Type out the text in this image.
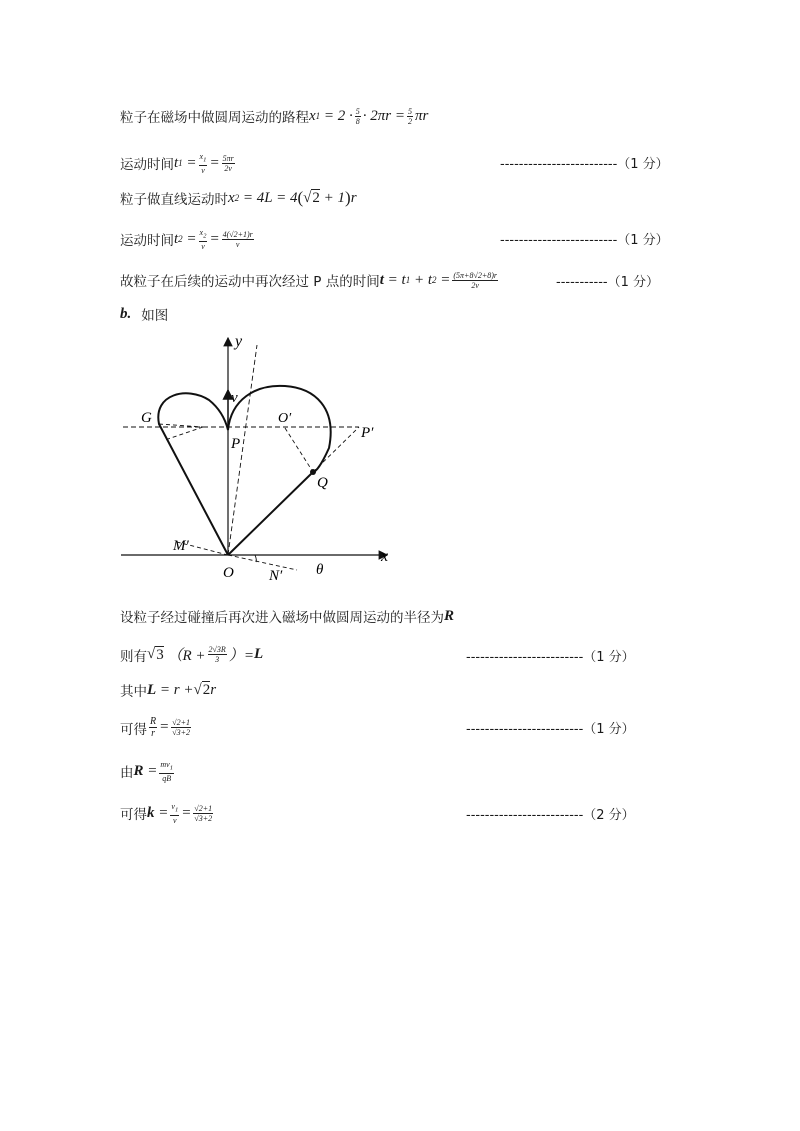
粒子在磁场中做圆周运动的路程 x $1 = 2 \cdot \frac{5}{8} \cdot 2\pi r = \frac{5}{2}$ πr
运动时间 t $1 = \frac{x_1}{v} = \frac{5\pi r}{2v}$	-------------------------（1 分）
粒子做直线运动时 x 2 = 4L = 4 ( √ 2 + 1 ) r
运动时间 t $2 = \frac{x_2}{v} = \frac{4(√2+1)r}{v}$	-------------------------（1 分）
故粒子在后续的运动中再次经过 P 点的时间 t = t 1 + t $2 = \frac{(5\pi+8√2+8)r}{2v}$	-----------（1 分）
b. 如图
y
x
v
G
P
O′
P′
Q
M′
O N′ θ
设粒子经过碰撞后再次进入磁场中做圆周运动的半径为 R
则有 √ 3 （$R + \frac{2√3R}{3}$ ）= L	-------------------------（1 分）
其中 L = r + √ 2 r
可得 $\frac{R}{r} = \frac{√2+1}{√3+2}$	-------------------------（1 分）
由 $R = \frac{mv_1}{qB}$
可得 $k = \frac{v_1}{v} = \frac{√2+1}{√3+2}$	-------------------------（2 分）
